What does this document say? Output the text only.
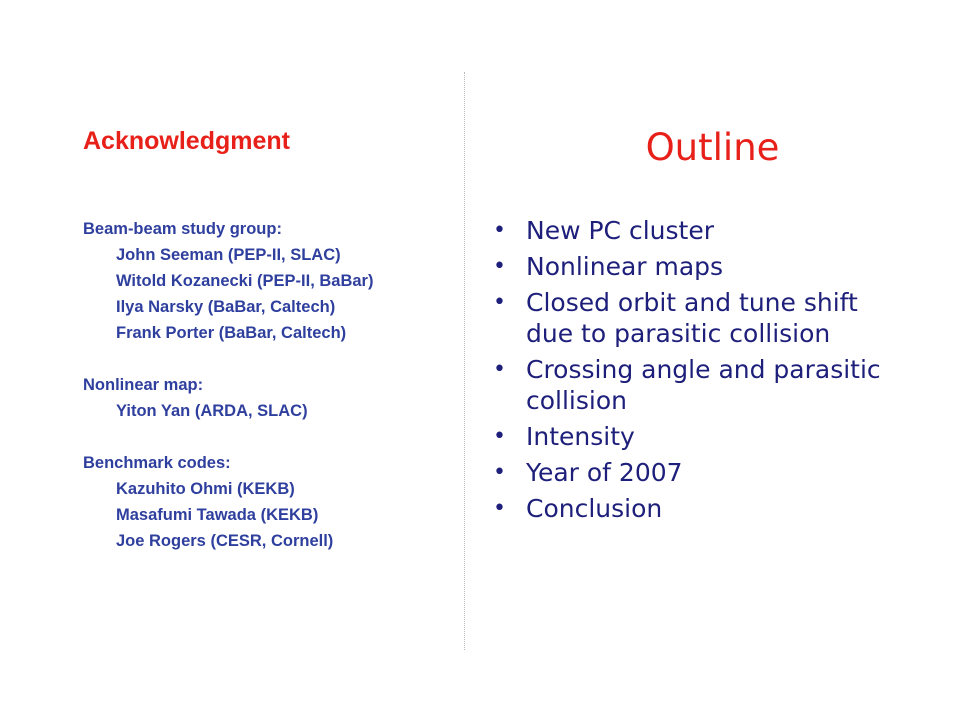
Acknowledgment
Beam-beam study group:
John Seeman (PEP-II, SLAC)
Witold Kozanecki (PEP-II, BaBar)
Ilya Narsky (BaBar, Caltech)
Frank Porter (BaBar, Caltech)
Nonlinear map:
Yiton Yan (ARDA, SLAC)
Benchmark codes:
Kazuhito Ohmi (KEKB)
Masafumi Tawada (KEKB)
Joe Rogers (CESR, Cornell)
Outline
• New PC cluster
• Nonlinear maps
• Closed orbit and tune shift due to parasitic collision
• Crossing angle and parasitic collision
• Intensity
• Year of 2007
• Conclusion
